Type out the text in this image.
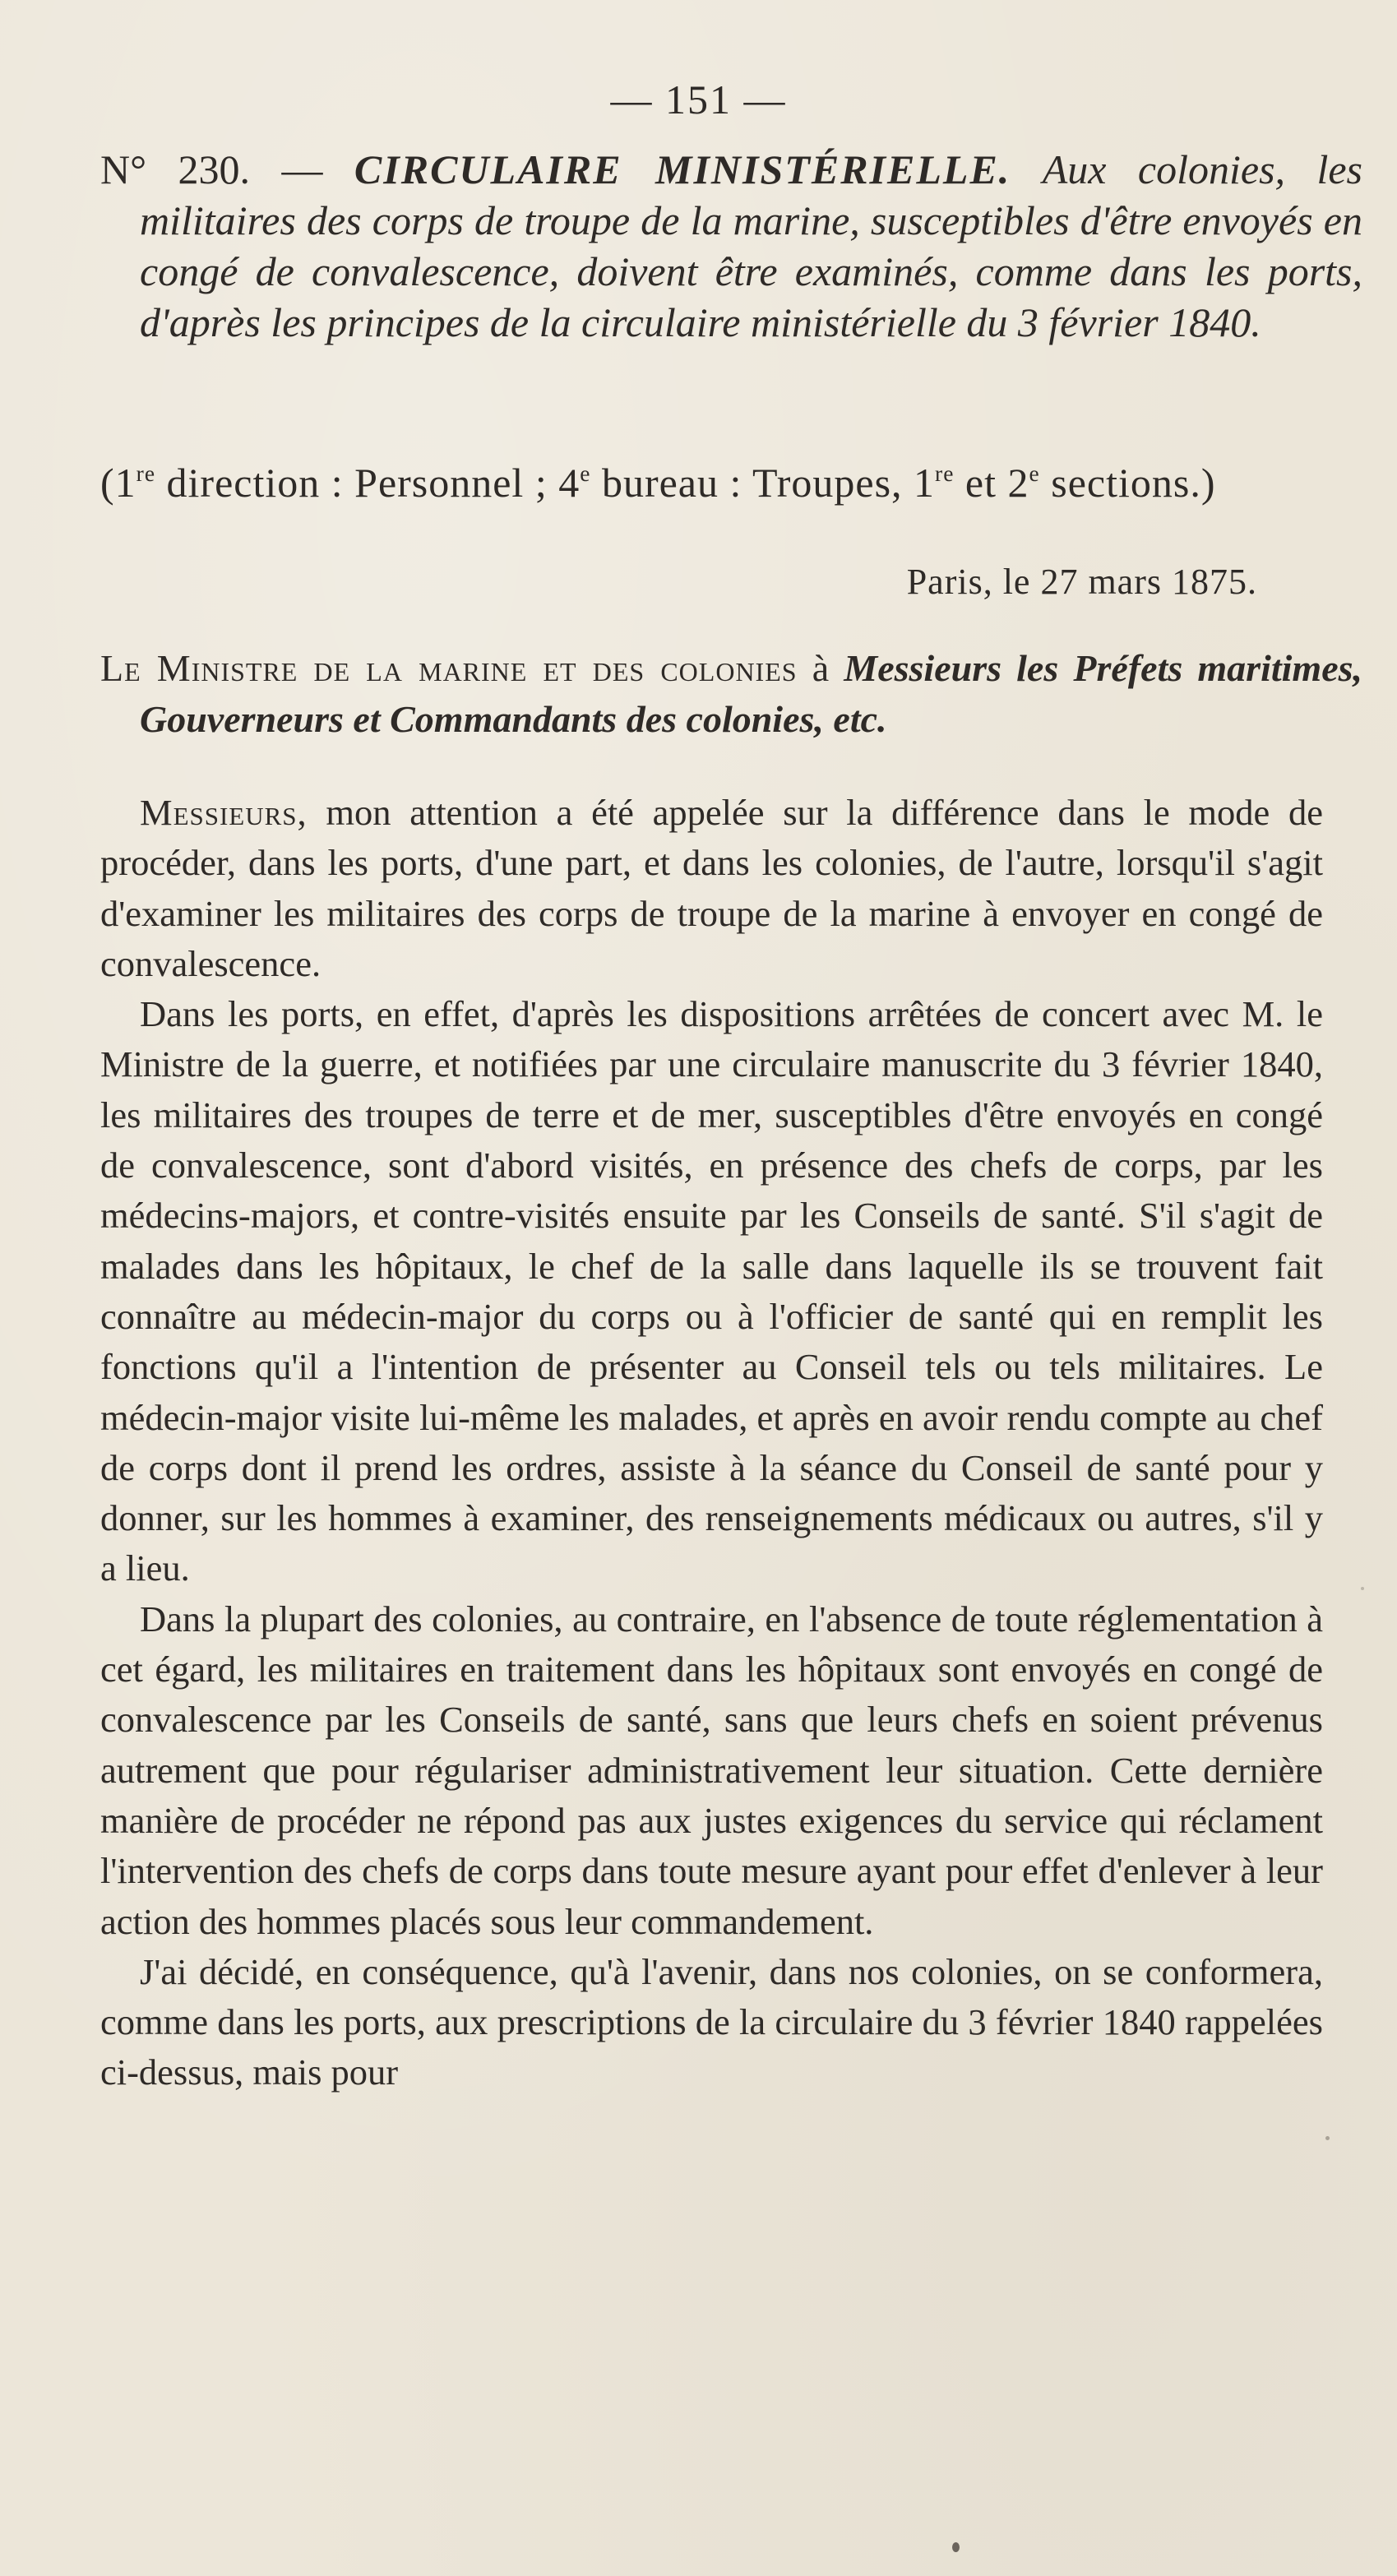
— 151 —
N° 230. — CIRCULAIRE MINISTÉRIELLE. Aux colonies, les militaires des corps de troupe de la marine, susceptibles d'être envoyés en congé de convalescence, doivent être examinés, comme dans les ports, d'après les principes de la circulaire ministérielle du 3 février 1840.
(1re direction : Personnel ; 4e bureau : Troupes, 1re et 2e sections.)
Paris, le 27 mars 1875.
Le Ministre de la marine et des colonies à Messieurs les Préfets maritimes, Gouverneurs et Commandants des colonies, etc.

Messieurs, mon attention a été appelée sur la différence dans le mode de procéder, dans les ports, d'une part, et dans les colonies, de l'autre, lorsqu'il s'agit d'examiner les militaires des corps de troupe de la marine à envoyer en congé de convalescence.

Dans les ports, en effet, d'après les dispositions arrêtées de concert avec M. le Ministre de la guerre, et notifiées par une circulaire manuscrite du 3 février 1840, les militaires des troupes de terre et de mer, susceptibles d'être envoyés en congé de convalescence, sont d'abord visités, en présence des chefs de corps, par les médecins-majors, et contre-visités ensuite par les Conseils de santé. S'il s'agit de malades dans les hôpitaux, le chef de la salle dans laquelle ils se trouvent fait connaître au médecin-major du corps ou à l'officier de santé qui en remplit les fonctions qu'il a l'intention de présenter au Conseil tels ou tels militaires. Le médecin-major visite lui-même les malades, et après en avoir rendu compte au chef de corps dont il prend les ordres, assiste à la séance du Conseil de santé pour y donner, sur les hommes à examiner, des renseignements médicaux ou autres, s'il y a lieu.

Dans la plupart des colonies, au contraire, en l'absence de toute réglementation à cet égard, les militaires en traitement dans les hôpitaux sont envoyés en congé de convalescence par les Conseils de santé, sans que leurs chefs en soient prévenus autrement que pour régulariser administrativement leur situation. Cette dernière manière de procéder ne répond pas aux justes exigences du service qui réclament l'intervention des chefs de corps dans toute mesure ayant pour effet d'enlever à leur action des hommes placés sous leur commandement.

J'ai décidé, en conséquence, qu'à l'avenir, dans nos colonies, on se conformera, comme dans les ports, aux prescriptions de la circulaire du 3 février 1840 rappelées ci-dessus, mais pour
